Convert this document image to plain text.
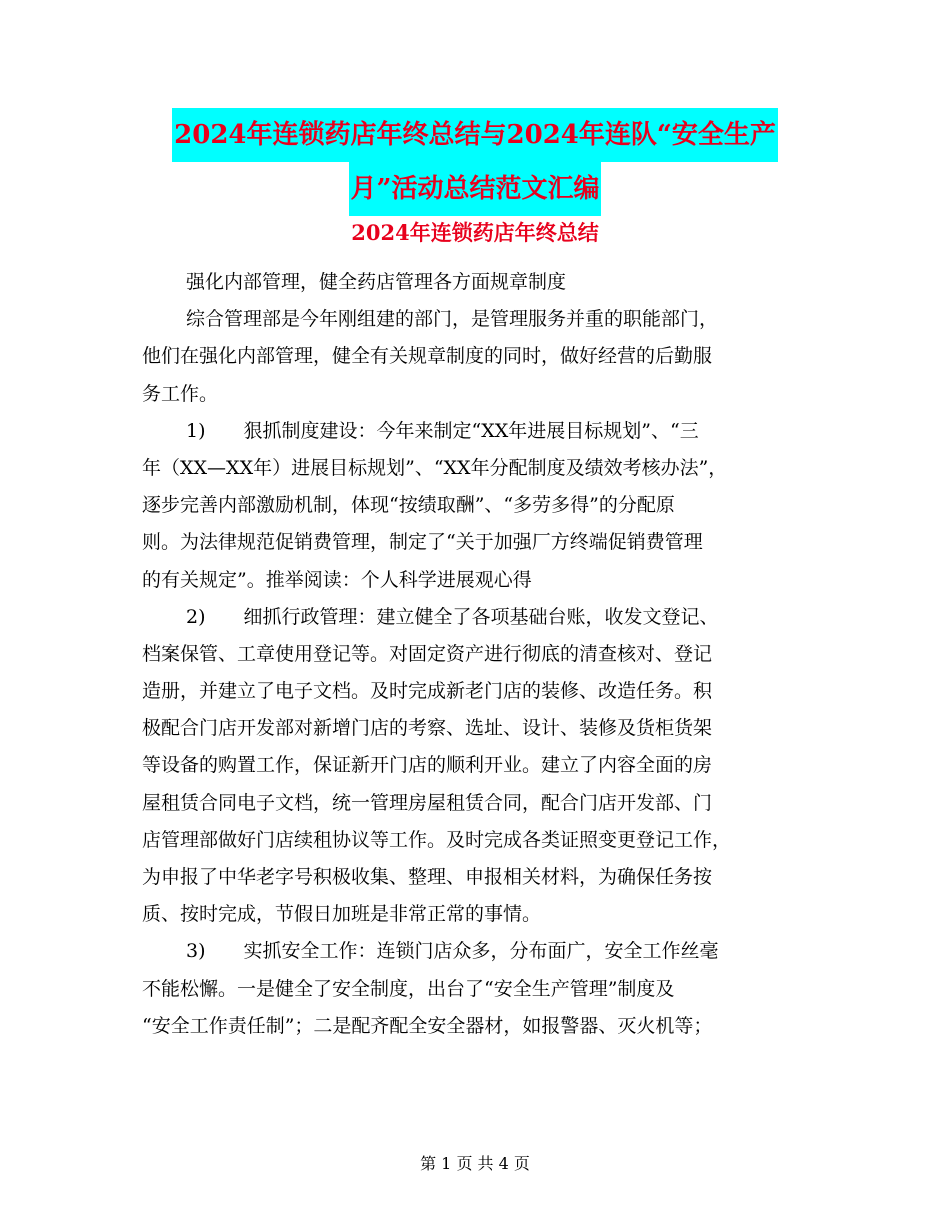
2024年连锁药店年终总结与2024年连队“安全生产
月”活动总结范文汇编
2024年连锁药店年终总结
强化内部管理，健全药店管理各方面规章制度
综合管理部是今年刚组建的部门，是管理服务并重的职能部门，
他们在强化内部管理，健全有关规章制度的同时，做好经营的后勤服
务工作。
1)　　狠抓制度建设：今年来制定“XX年进展目标规划”、“三
年（XX—XX年）进展目标规划”、“XX年分配制度及绩效考核办法”，
逐步完善内部激励机制，体现“按绩取酬”、“多劳多得”的分配原
则。为法律规范促销费管理，制定了“关于加强厂方终端促销费管理
的有关规定”。推举阅读：个人科学进展观心得
2)　　细抓行政管理：建立健全了各项基础台账，收发文登记、
档案保管、工章使用登记等。对固定资产进行彻底的清查核对、登记
造册，并建立了电子文档。及时完成新老门店的装修、改造任务。积
极配合门店开发部对新增门店的考察、选址、设计、装修及货柜货架
等设备的购置工作，保证新开门店的顺利开业。建立了内容全面的房
屋租赁合同电子文档，统一管理房屋租赁合同，配合门店开发部、门
店管理部做好门店续租协议等工作。及时完成各类证照变更登记工作，
为申报了中华老字号积极收集、整理、申报相关材料，为确保任务按
质、按时完成，节假日加班是非常正常的事情。
3)　　实抓安全工作：连锁门店众多，分布面广，安全工作丝毫
不能松懈。一是健全了安全制度，出台了“安全生产管理”制度及
“安全工作责任制”；二是配齐配全安全器材，如报警器、灭火机等；
第 1 页 共 4 页
